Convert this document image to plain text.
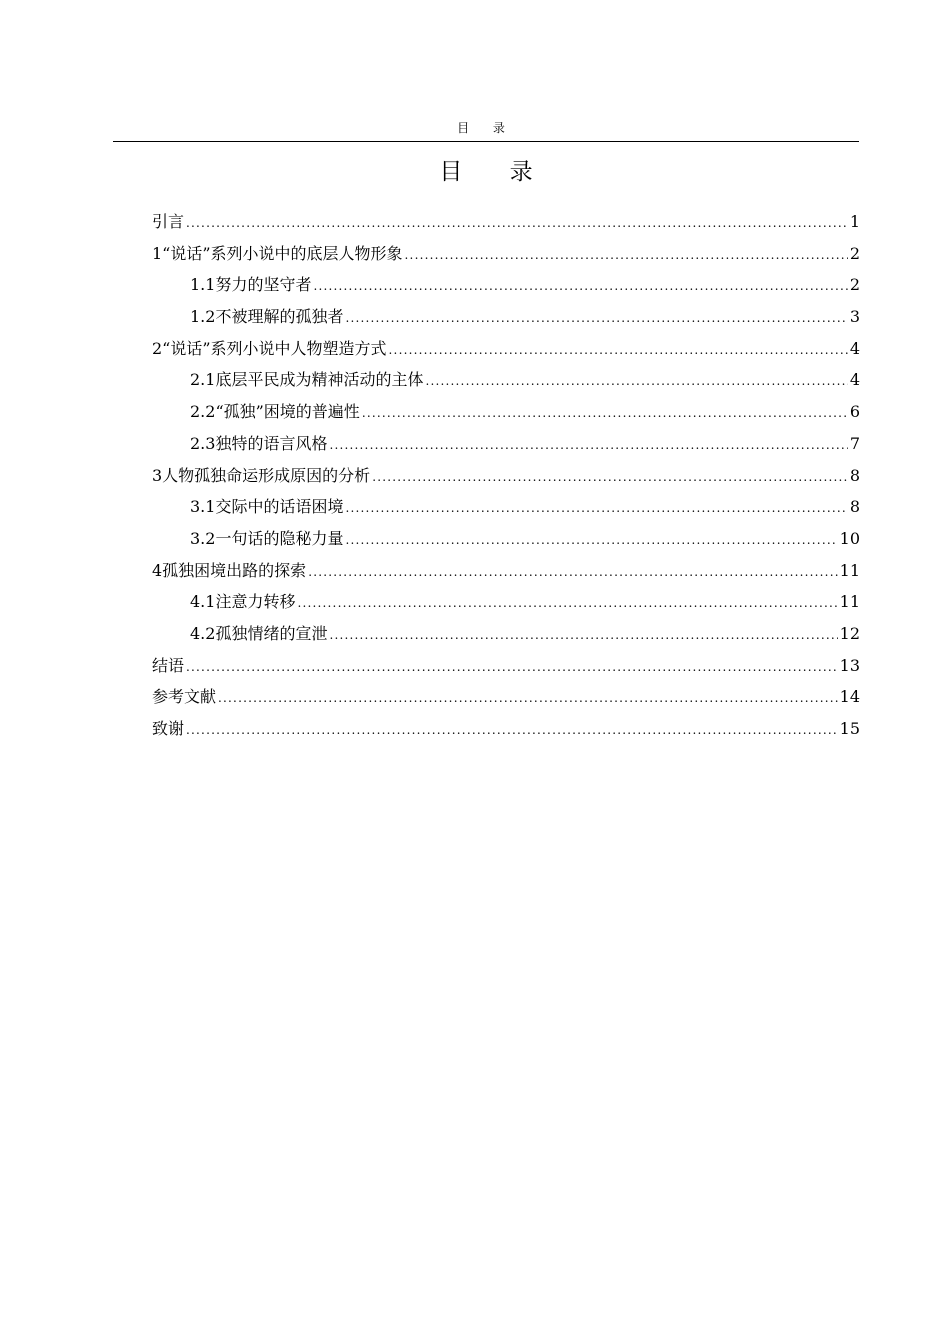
目 录
目 录
引言 .....	1
1“说话”系列小说中的底层人物形象 .....	2
1.1努力的坚守者 .....	2
1.2不被理解的孤独者 .....	3
2“说话”系列小说中人物塑造方式 .....	4
2.1底层平民成为精神活动的主体 .....	4
2.2“孤独”困境的普遍性 .....	6
2.3独特的语言风格 .....	7
3人物孤独命运形成原因的分析 .....	8
3.1交际中的话语困境 .....	8
3.2一句话的隐秘力量 .....	10
4孤独困境出路的探索 .....	11
4.1注意力转移 .....	11
4.2孤独情绪的宣泄 .....	12
结语 .....	13
参考文献 .....	14
致谢 .....	15
